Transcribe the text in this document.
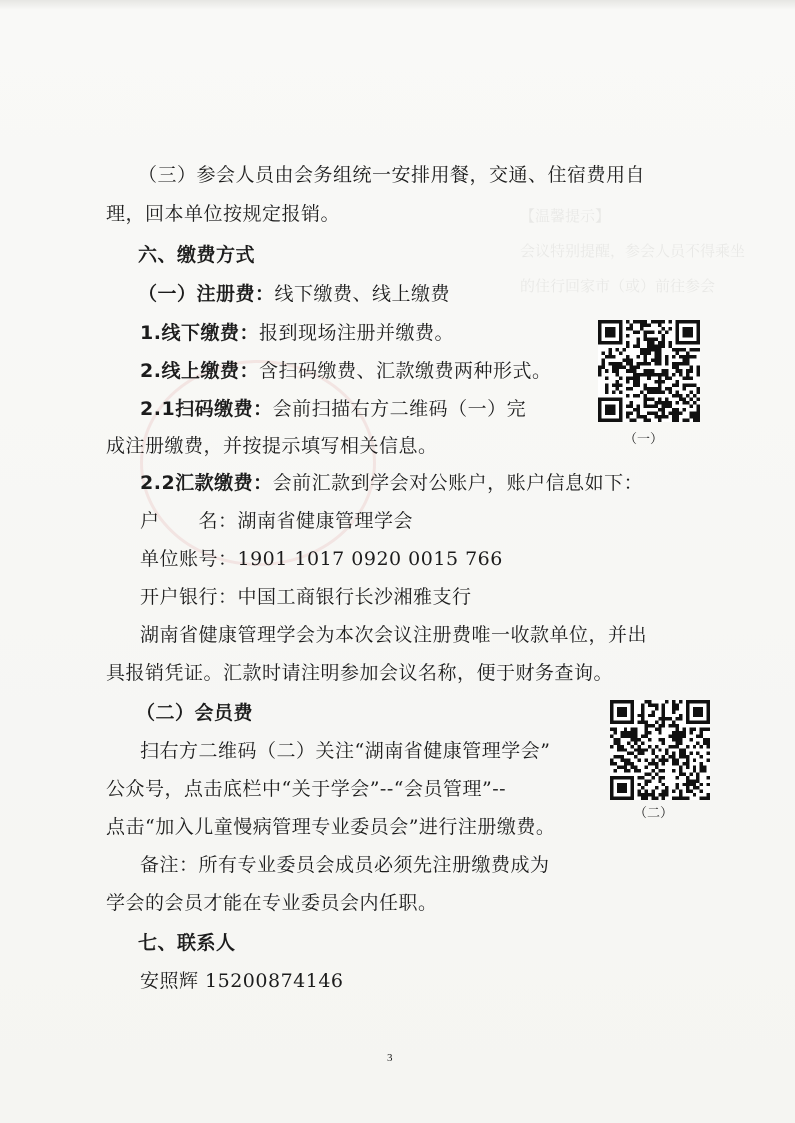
【温馨提示】
会议特别提醒，参会人员不得乘坐
的住行回家市（或）前往参会
（三）参会人员由会务组统一安排用餐，交通、住宿费用自
理，回本单位按规定报销。
六、缴费方式
（一）注册费：线下缴费、线上缴费
1.线下缴费：报到现场注册并缴费。
2.线上缴费：含扫码缴费、汇款缴费两种形式。
2.1扫码缴费：会前扫描右方二维码（一）完
成注册缴费，并按提示填写相关信息。
2.2汇款缴费：会前汇款到学会对公账户，账户信息如下：
户　　名：湖南省健康管理学会
单位账号：1901 1017 0920 0015 766
开户银行：中国工商银行长沙湘雅支行
湖南省健康管理学会为本次会议注册费唯一收款单位，并出
具报销凭证。汇款时请注明参加会议名称，便于财务查询。
（二）会员费
扫右方二维码（二）关注“湖南省健康管理学会”
公众号，点击底栏中“关于学会”--“会员管理”--
点击“加入儿童慢病管理专业委员会”进行注册缴费。
备注：所有专业委员会成员必须先注册缴费成为
学会的会员才能在专业委员会内任职。
七、联系人
安照辉 15200874146
（一）
（二）
3
